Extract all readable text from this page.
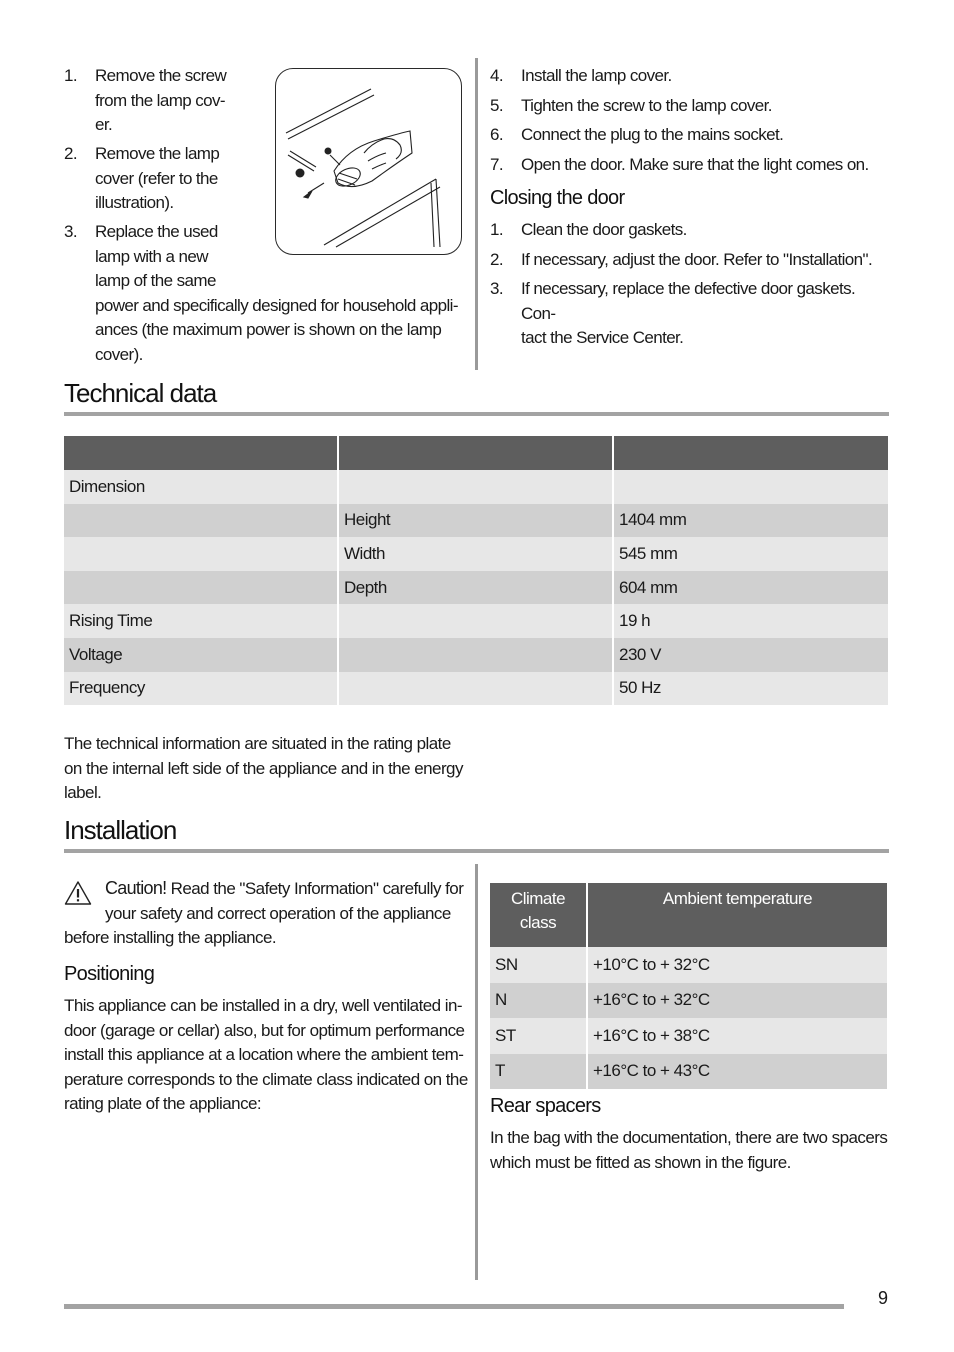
1. Remove the screw
from the lamp cov-
er.
2. Remove the lamp
cover (refer to the
illustration).
3. Replace the used
lamp with a new
lamp of the same
power and specifically designed for household appli-
ances (the maximum power is shown on the lamp
cover).
4. Install the lamp cover.
5. Tighten the screw to the lamp cover.
6. Connect the plug to the mains socket.
7. Open the door. Make sure that the light comes on.
Closing the door
1. Clean the door gaskets.
2. If necessary, adjust the door. Refer to "Installation".
3. If necessary, replace the defective door gaskets. Con-
tact the Service Center.
Technical data

Dimension		
	Height	1404 mm
	Width	545 mm
	Depth	604 mm
Rising Time		19 h
Voltage		230 V
Frequency		50 Hz
The technical information are situated in the rating plate
on the internal left side of the appliance and in the energy
label.
Installation
Caution! Read the "Safety Information" carefully for
your safety and correct operation of the appliance
before installing the appliance.
Positioning
This appliance can be installed in a dry, well ventilated in-
door (garage or cellar) also, but for optimum performance
install this appliance at a location where the ambient tem-
perature corresponds to the climate class indicated on the
rating plate of the appliance:
Climate
class	Ambient temperature
SN	+10°C to + 32°C
N	+16°C to + 32°C
ST	+16°C to + 38°C
T	+16°C to + 43°C
Rear spacers
In the bag with the documentation, there are two spacers
which must be fitted as shown in the figure.
9
